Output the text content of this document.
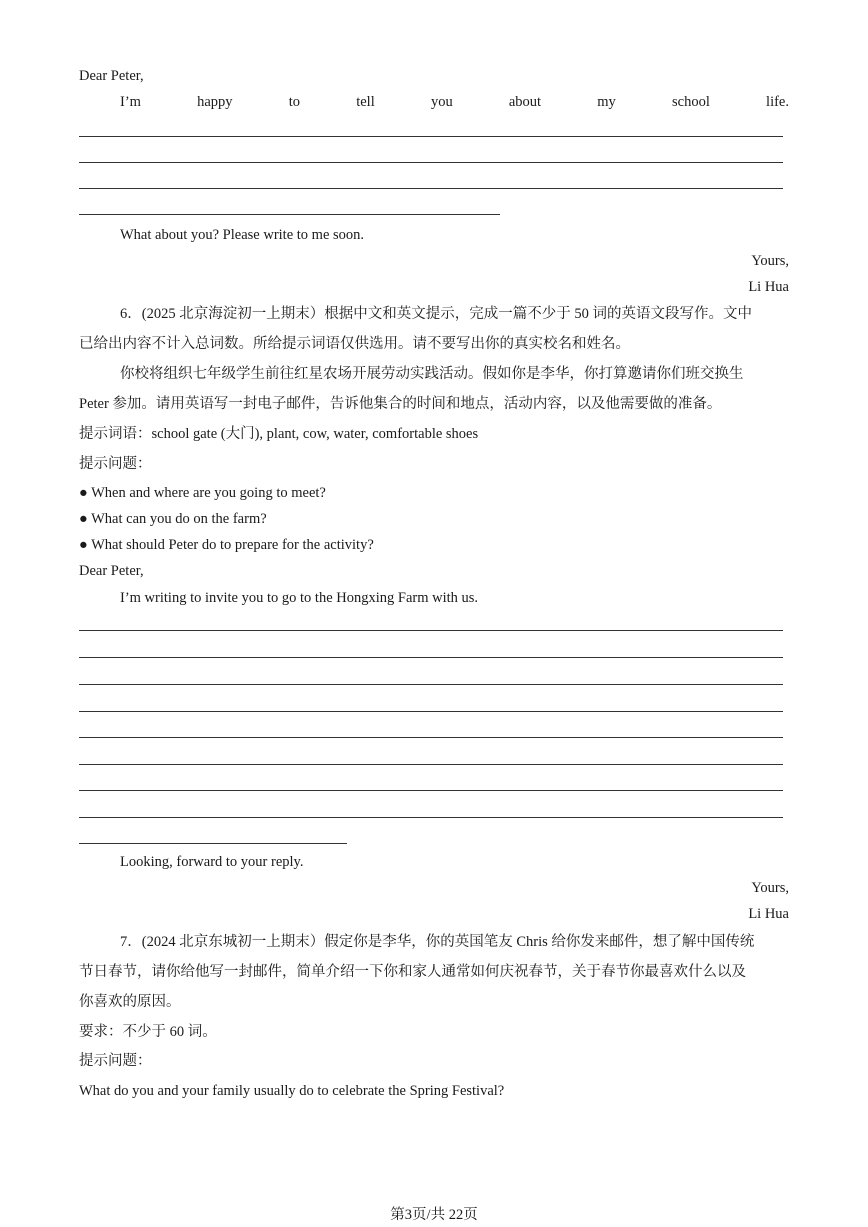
Dear Peter,
I’m	happy	to	tell	you	about	my	school	life.
What about you? Please write to me soon.
Yours,
Li Hua
6．(2025 北京海淀初一上期末）根据中文和英文提示，完成一篇不少于 50 词的英语文段写作。文中
已给出内容不计入总词数。所给提示词语仅供选用。请不要写出你的真实校名和姓名。
你校将组织七年级学生前往红星农场开展劳动实践活动。假如你是李华，你打算邀请你们班交换生
Peter 参加。请用英语写一封电子邮件，告诉他集合的时间和地点，活动内容，以及他需要做的准备。
提示词语：school gate (大门), plant, cow, water, comfortable shoes
提示问题：
● When and where are you going to meet?
● What can you do on the farm?
● What should Peter do to prepare for the activity?
Dear Peter,
I’m writing to invite you to go to the Hongxing Farm with us.
Looking, forward to your reply.
Yours,
Li Hua
7．(2024 北京东城初一上期末）假定你是李华，你的英国笔友 Chris 给你发来邮件，想了解中国传统
节日春节，请你给他写一封邮件，简单介绍一下你和家人通常如何庆祝春节，关于春节你最喜欢什么以及
你喜欢的原因。
要求：不少于 60 词。
提示问题：
What do you and your family usually do to celebrate the Spring Festival?
第3页/共 22页
